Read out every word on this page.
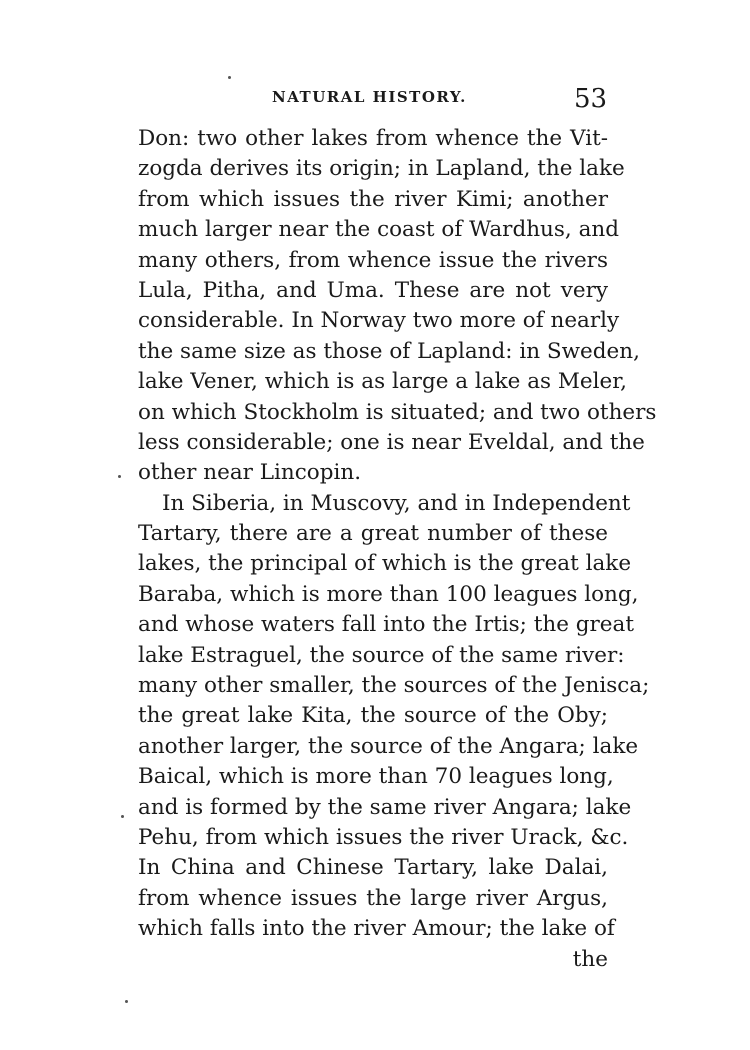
NATURAL HISTORY.	53
Don: two other lakes from whence the Vit-
zogda derives its origin; in Lapland, the lake
from which issues the river Kimi; another
much larger near the coast of Wardhus, and
many others, from whence issue the rivers
Lula, Pitha, and Uma. These are not very
considerable. In Norway two more of nearly
the same size as those of Lapland: in Sweden,
lake Vener, which is as large a lake as Meler,
on which Stockholm is situated; and two others
less considerable; one is near Eveldal, and the
other near Lincopin.
In Siberia, in Muscovy, and in Independent
Tartary, there are a great number of these
lakes, the principal of which is the great lake
Baraba, which is more than 100 leagues long,
and whose waters fall into the Irtis; the great
lake Estraguel, the source of the same river:
many other smaller, the sources of the Jenisca;
the great lake Kita, the source of the Oby;
another larger, the source of the Angara; lake
Baical, which is more than 70 leagues long,
and is formed by the same river Angara; lake
Pehu, from which issues the river Urack, &c.
In China and Chinese Tartary, lake Dalai,
from whence issues the large river Argus,
which falls into the river Amour; the lake of
the
